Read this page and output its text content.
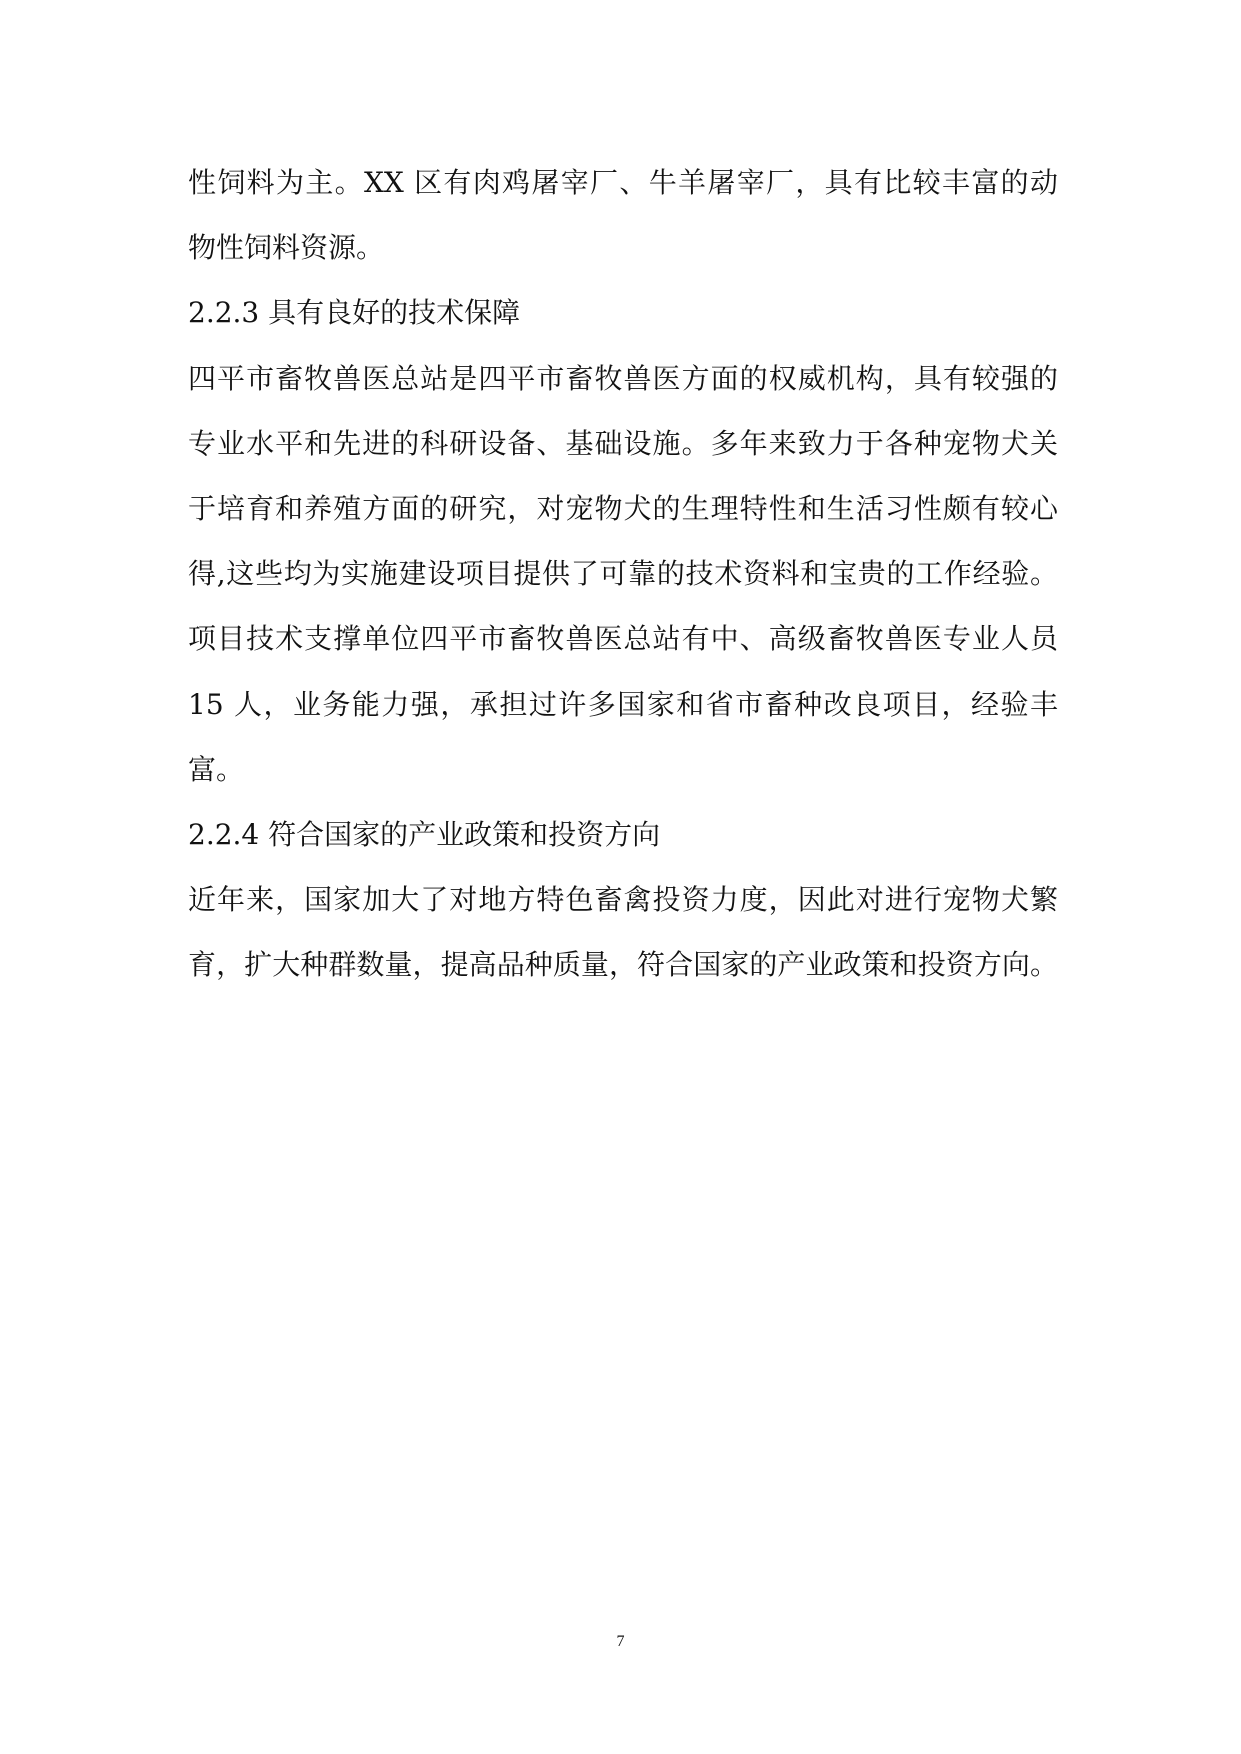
性饲料为主。XX 区有肉鸡屠宰厂、牛羊屠宰厂，具有比较丰富的动
物性饲料资源。
2.2.3 具有良好的技术保障
四平市畜牧兽医总站是四平市畜牧兽医方面的权威机构，具有较强的
专业水平和先进的科研设备、基础设施。多年来致力于各种宠物犬关
于培育和养殖方面的研究，对宠物犬的生理特性和生活习性颇有较心
得,这些均为实施建设项目提供了可靠的技术资料和宝贵的工作经验。
项目技术支撑单位四平市畜牧兽医总站有中、高级畜牧兽医专业人员
15 人，业务能力强，承担过许多国家和省市畜种改良项目，经验丰
富。
2.2.4 符合国家的产业政策和投资方向
近年来，国家加大了对地方特色畜禽投资力度，因此对进行宠物犬繁
育，扩大种群数量，提高品种质量，符合国家的产业政策和投资方向。
7
